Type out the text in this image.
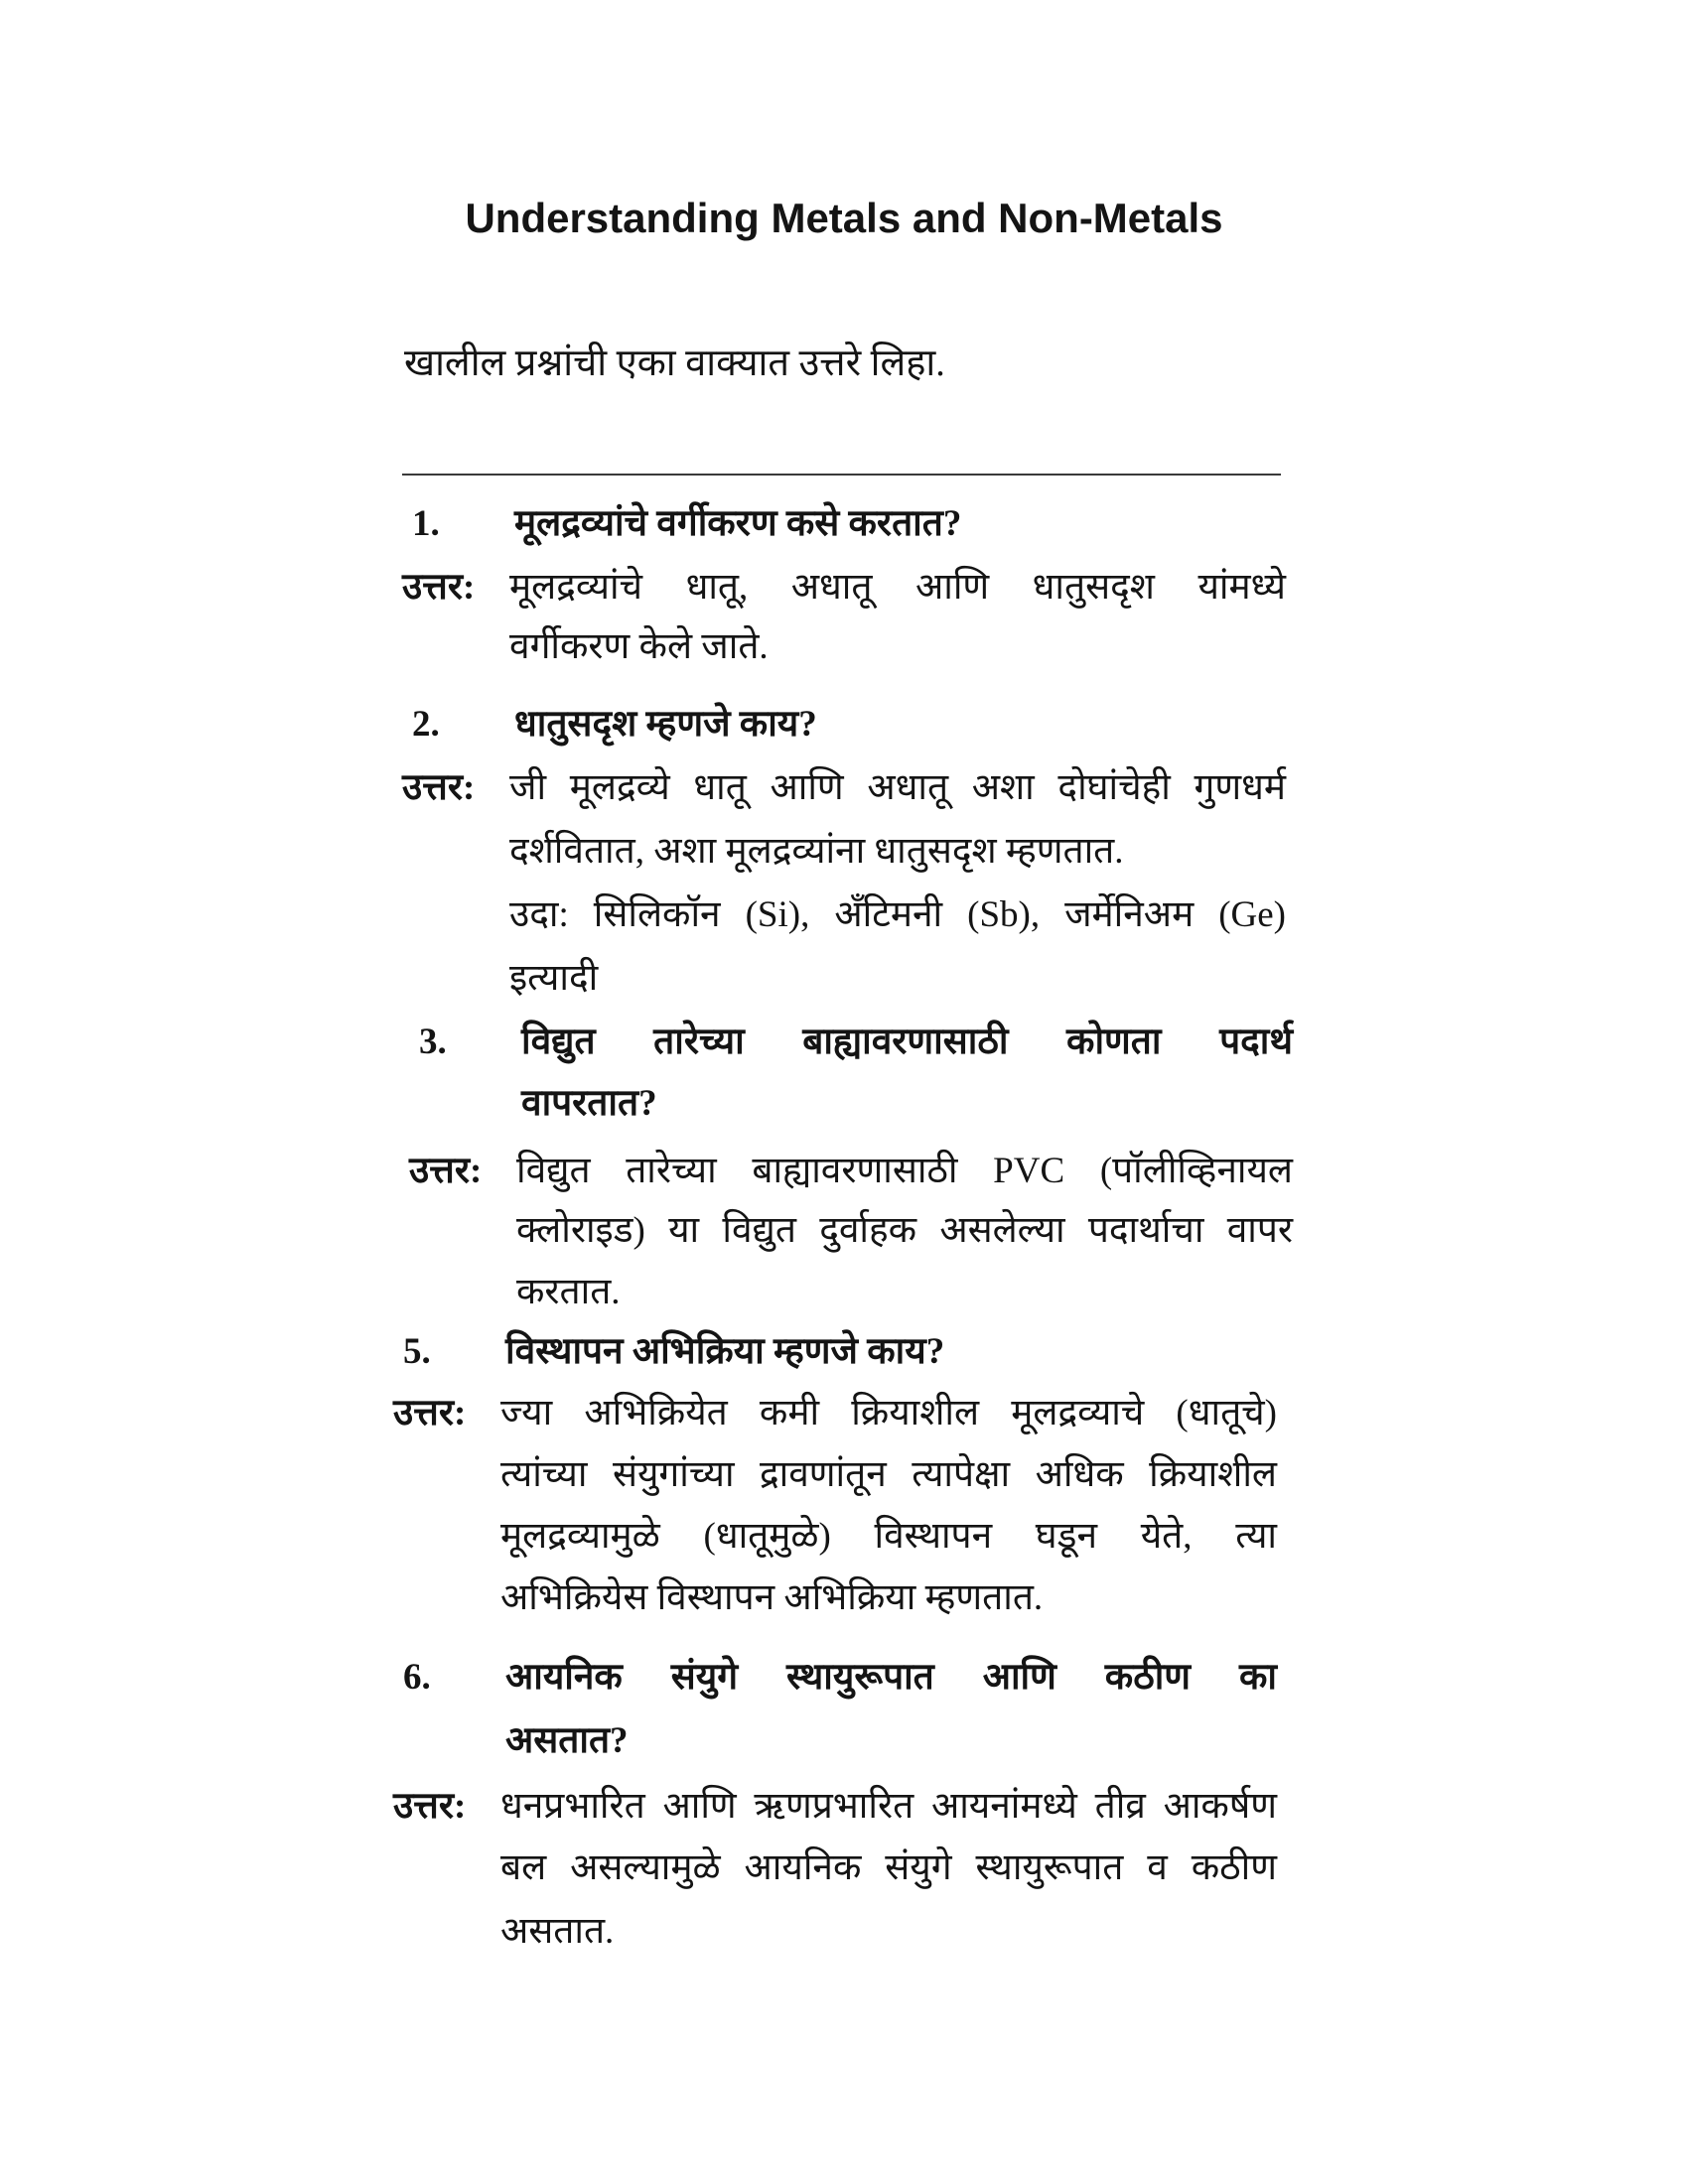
Understanding Metals and Non-Metals
खालील प्रश्नांची एका वाक्यात उत्तरे लिहा.
1. मूलद्रव्यांचे वर्गीकरण कसे करतात?
उत्तर: मूलद्रव्यांचे धातू, अधातू आणि धातुसदृश यांमध्ये
वर्गीकरण केले जाते.
2. धातुसदृश म्हणजे काय?
उत्तर: जी मूलद्रव्ये धातू आणि अधातू अशा दोघांचेही गुणधर्म
दर्शवितात, अशा मूलद्रव्यांना धातुसदृश म्हणतात.
उदा: सिलिकॉन (Si), अँटिमनी (Sb), जर्मेनिअम (Ge)
इत्यादी
3. विद्युत तारेच्या बाह्यावरणासाठी कोणता पदार्थ
वापरतात?
उत्तर: विद्युत तारेच्या बाह्यावरणासाठी PVC (पॉलीव्हिनायल
क्लोराइड) या विद्युत दुर्वाहक असलेल्या पदार्थाचा वापर
करतात.
5. विस्थापन अभिक्रिया म्हणजे काय?
उत्तर: ज्या अभिक्रियेत कमी क्रियाशील मूलद्रव्याचे (धातूचे)
त्यांच्या संयुगांच्या द्रावणांतून त्यापेक्षा अधिक क्रियाशील
मूलद्रव्यामुळे (धातूमुळे) विस्थापन घडून येते, त्या
अभिक्रियेस विस्थापन अभिक्रिया म्हणतात.
6. आयनिक संयुगे स्थायुरूपात आणि कठीण का
असतात?
उत्तर: धनप्रभारित आणि ऋणप्रभारित आयनांमध्ये तीव्र आकर्षण
बल असल्यामुळे आयनिक संयुगे स्थायुरूपात व कठीण
असतात.
